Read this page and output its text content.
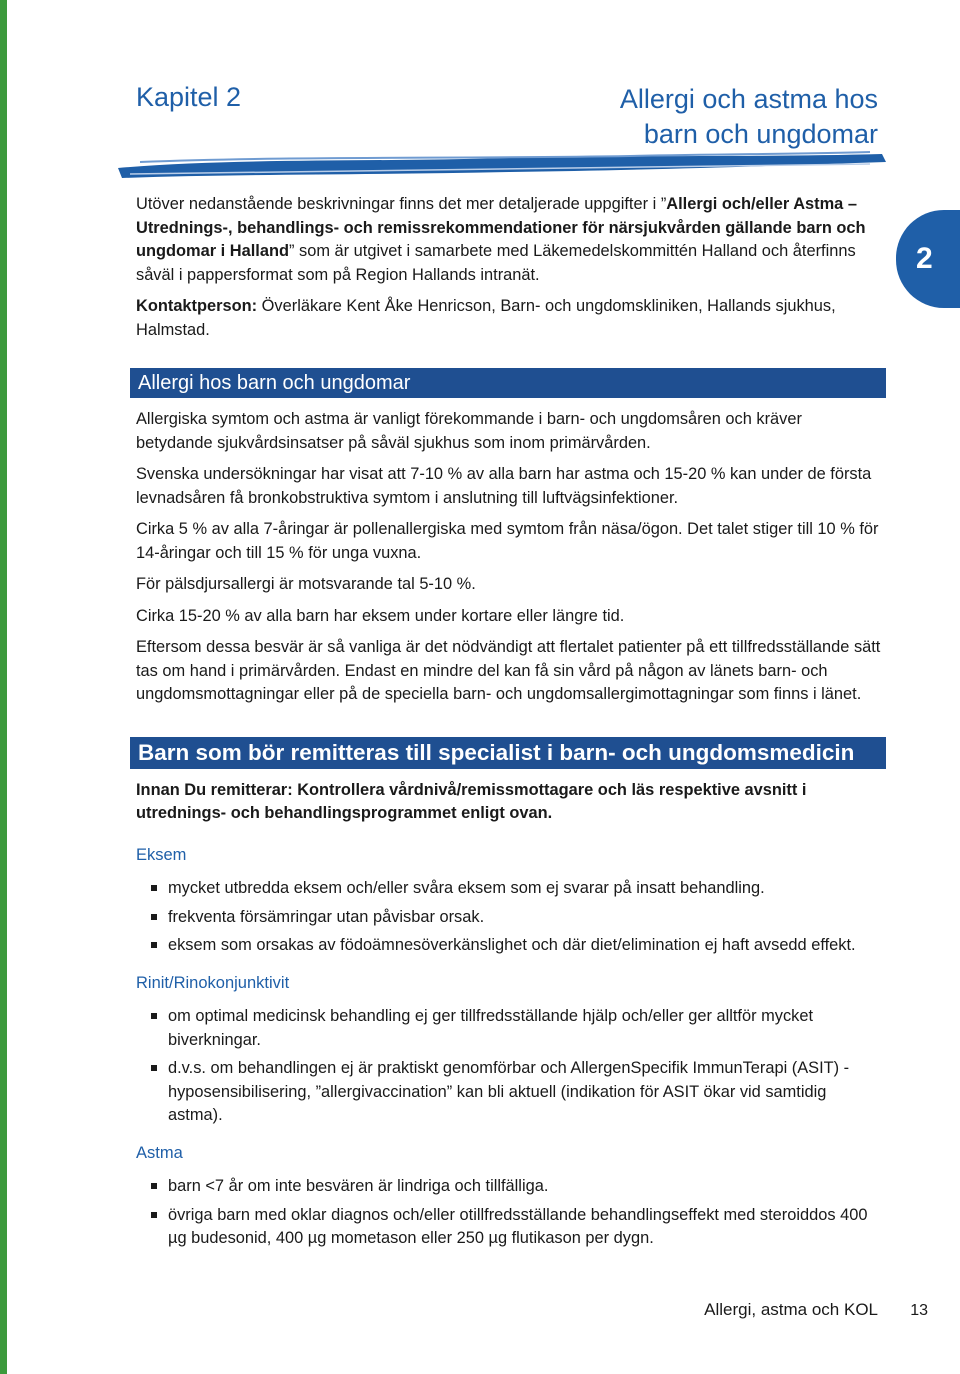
Kapitel 2	Allergi och astma hos
barn och ungdomar
2

Utöver nedanstående beskrivningar finns det mer detaljerade uppgifter i ”Allergi och/eller Astma – Utrednings-, behandlings- och remissrekommendationer för närsjukvården gällande barn och ungdomar i Halland” som är utgivet i samarbete med Läkemedelskommittén Halland och återfinns såväl i pappersformat som på Region Hallands intranät.

Kontaktperson: Överläkare Kent Åke Henricson, Barn- och ungdomskliniken, Hallands sjukhus, Halmstad.

Allergi hos barn och ungdomar

Allergiska symtom och astma är vanligt förekommande i barn- och ungdomsåren och kräver betydande sjukvårdsinsatser på såväl sjukhus som inom primärvården.

Svenska undersökningar har visat att 7-10 % av alla barn har astma och 15-20 % kan under de första levnadsåren få bronkobstruktiva symtom i anslutning till luftvägsinfektioner.

Cirka 5 % av alla 7-åringar är pollenallergiska med symtom från näsa/ögon. Det talet stiger till 10 % för 14-åringar och till 15 % för unga vuxna.

För pälsdjursallergi är motsvarande tal 5-10 %.

Cirka 15-20 % av alla barn har eksem under kortare eller längre tid.

Eftersom dessa besvär är så vanliga är det nödvändigt att flertalet patienter på ett tillfredsställande sätt tas om hand i primärvården. Endast en mindre del kan få sin vård på någon av länets barn- och ungdomsmottagningar eller på de speciella barn- och ungdomsallergimottagningar som finns i länet.

Barn som bör remitteras till specialist i barn- och ungdomsmedicin

Innan Du remitterar: Kontrollera vårdnivå/remissmottagare och läs respektive avsnitt i utrednings- och behandlingsprogrammet enligt ovan.

Eksem
mycket utbredda eksem och/eller svåra eksem som ej svarar på insatt behandling.
frekventa försämringar utan påvisbar orsak.
eksem som orsakas av födoämnesöverkänslighet och där diet/elimination ej haft avsedd effekt.
Rinit/Rinokonjunktivit
om optimal medicinsk behandling ej ger tillfredsställande hjälp och/eller ger alltför mycket biverkningar.
d.v.s. om behandlingen ej är praktiskt genomförbar och AllergenSpecifik ImmunTerapi (ASIT) - hyposensibilisering, ”allergivaccination” kan bli aktuell (indikation för ASIT ökar vid samtidig astma).
Astma
barn <7 år om inte besvären är lindriga och tillfälliga.
övriga barn med oklar diagnos och/eller otillfredsställande behandlingseffekt med steroiddos 400 µg budesonid, 400 µg mometason eller 250 µg flutikason per dygn.
Allergi, astma och KOL 13
